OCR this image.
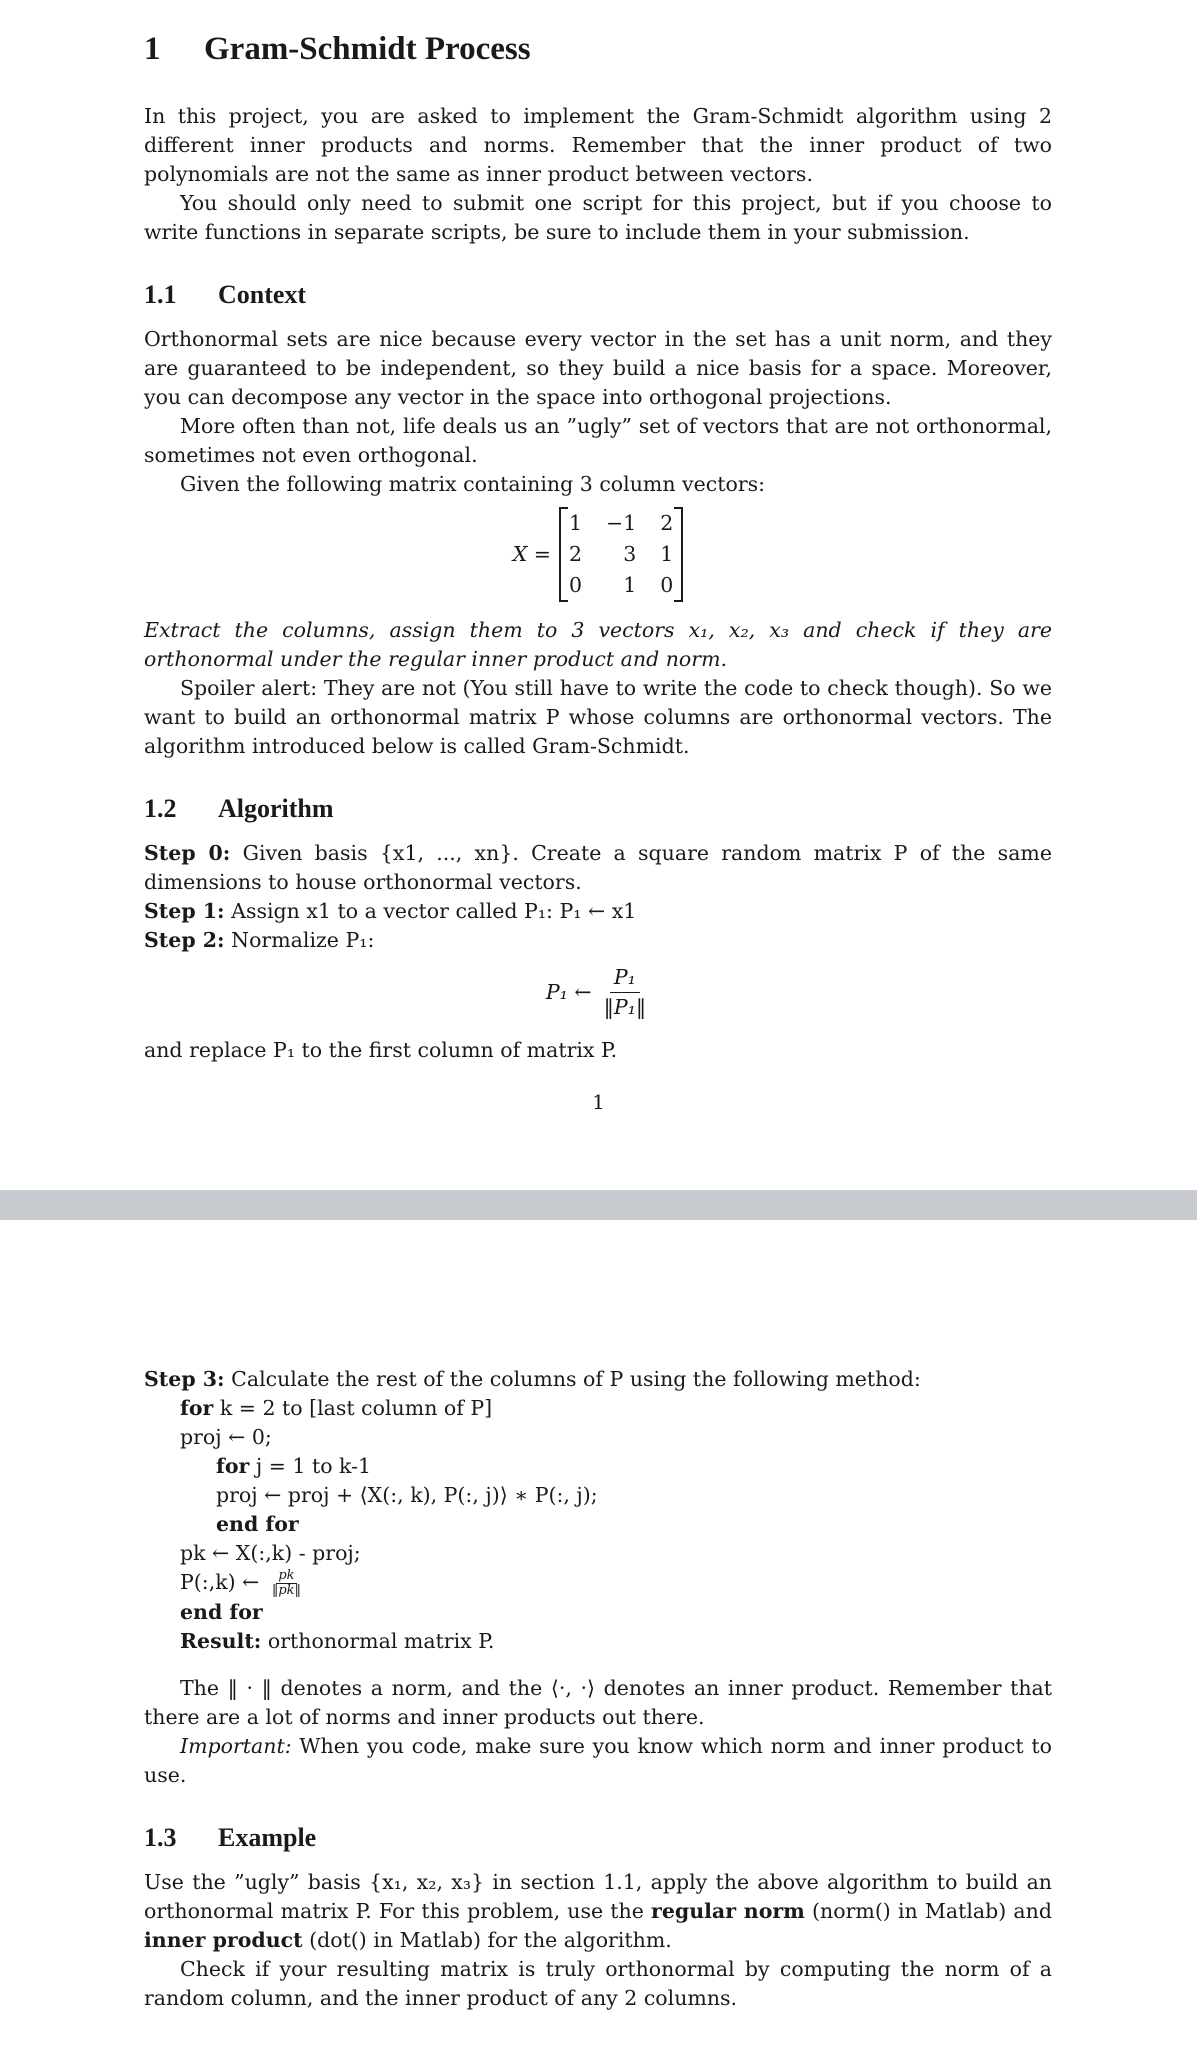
1 Gram-Schmidt Process

In this project, you are asked to implement the Gram-Schmidt algorithm using 2 different inner products and norms. Remember that the inner product of two polynomials are not the same as inner product between vectors.

You should only need to submit one script for this project, but if you choose to write functions in separate scripts, be sure to include them in your submission.

1.1 Context

Orthonormal sets are nice because every vector in the set has a unit norm, and they are guaranteed to be independent, so they build a nice basis for a space. Moreover, you can decompose any vector in the space into orthogonal projections.

More often than not, life deals us an ”ugly” set of vectors that are not orthonormal, sometimes not even orthogonal.

Given the following matrix containing 3 column vectors:

X =
1 −1 2
2	3 1
0	1 0

Extract the columns, assign them to 3 vectors x₁, x₂, x₃ and check if they are orthonormal under the regular inner product and norm.

Spoiler alert: They are not (You still have to write the code to check though). So we want to build an orthonormal matrix P whose columns are orthonormal vectors. The algorithm introduced below is called Gram-Schmidt.

1.2 Algorithm

Step 0: Given basis {x1, ..., xn}. Create a square random matrix P of the same dimensions to house orthonormal vectors.

Step 1: Assign x1 to a vector called P₁: P₁ ← x1

Step 2: Normalize P₁:

P₁ ← $\frac{\text{P₁}}{\text{‖P₁‖}}$

and replace P₁ to the first column of matrix P.

1

Step 3: Calculate the rest of the columns of P using the following method:

for k = 2 to [last column of P]
proj ← 0;
for j = 1 to k-1
proj ← proj + ⟨X(:, k), P(:, j)⟩ ∗ P(:, j);
end for
pk ← X(:,k) - proj;
P(:,k) ← $\frac{pk}{‖pk‖}$
end for
Result: orthonormal matrix P.

The ‖ · ‖ denotes a norm, and the ⟨·, ·⟩ denotes an inner product. Remember that there are a lot of norms and inner products out there.

Important: When you code, make sure you know which norm and inner product to use.

1.3 Example

Use the ”ugly” basis {x₁, x₂, x₃} in section 1.1, apply the above algorithm to build an orthonormal matrix P. For this problem, use the regular norm (norm() in Matlab) and inner product (dot() in Matlab) for the algorithm.

Check if your resulting matrix is truly orthonormal by computing the norm of a random column, and the inner product of any 2 columns.
